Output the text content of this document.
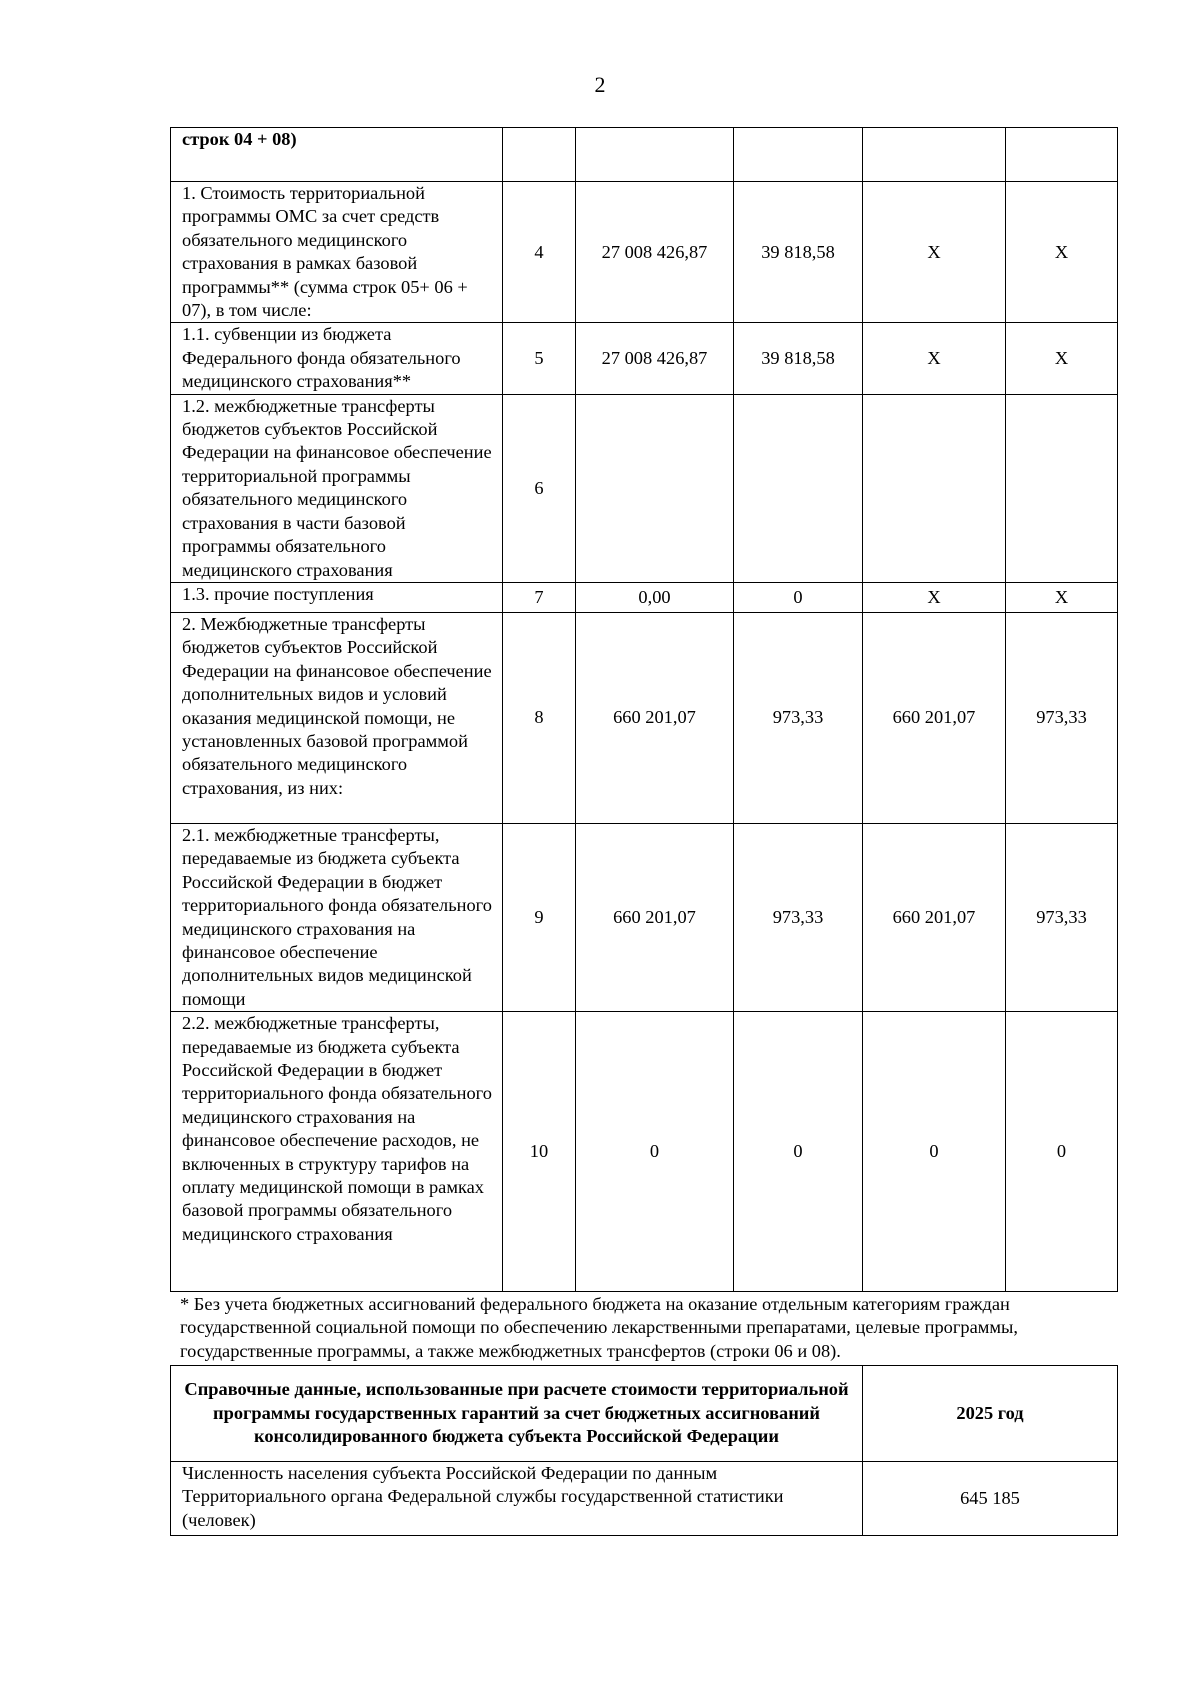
2
строк 04 + 08)					
1. Стоимость территориальной программы ОМС за счет средств обязательного медицинского страхования в рамках базовой программы** (сумма строк 05+ 06 + 07), в том числе:	4	27 008 426,87	39 818,58	Х	Х
1.1. субвенции из бюджета Федерального фонда обязательного медицинского страхования**	5	27 008 426,87	39 818,58	Х	Х
1.2. межбюджетные трансферты бюджетов субъектов Российской Федерации на финансовое обеспечение территориальной программы обязательного медицинского страхования в части базовой программы обязательного медицинского страхования	6				
1.3. прочие поступления	7	0,00	0	Х	Х
2. Межбюджетные трансферты бюджетов субъектов Российской Федерации на финансовое обеспечение дополнительных видов и условий оказания медицинской помощи, не установленных базовой программой обязательного медицинского страхования, из них:	8	660 201,07	973,33	660 201,07	973,33
2.1. межбюджетные трансферты, передаваемые из бюджета субъекта Российской Федерации в бюджет территориального фонда обязательного медицинского страхования на финансовое обеспечение дополнительных видов медицинской помощи	9	660 201,07	973,33	660 201,07	973,33
2.2. межбюджетные трансферты, передаваемые из бюджета субъекта Российской Федерации в бюджет территориального фонда обязательного медицинского страхования на финансовое обеспечение расходов, не включенных в структуру тарифов на оплату медицинской помощи в рамках базовой программы обязательного медицинского страхования	10	0	0	0	0
* Без учета бюджетных ассигнований федерального бюджета на оказание отдельным категориям граждан государственной социальной помощи по обеспечению лекарственными препаратами, целевые программы, государственные программы, а также межбюджетных трансфертов (строки 06 и 08).
Справочные данные, использованные при расчете стоимости территориальной программы государственных гарантий за счет бюджетных ассигнований консолидированного бюджета субъекта Российской Федерации	2025 год
Численность населения субъекта Российской Федерации по данным Территориального органа Федеральной службы государственной статистики (человек)	645 185
